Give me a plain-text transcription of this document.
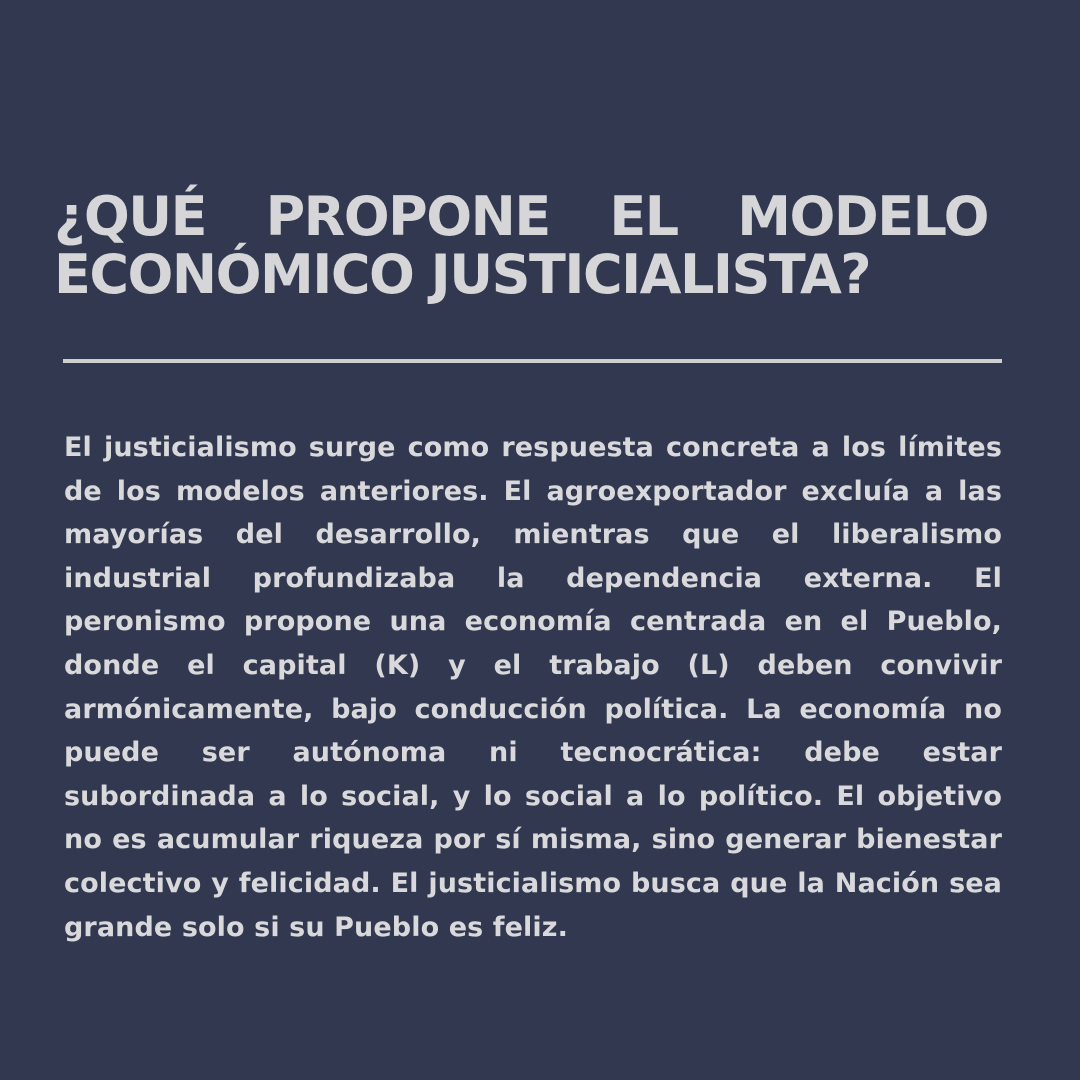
¿QUÉ PROPONE EL MODELO ECONÓMICO JUSTICIALISTA?

El justicialismo surge como respuesta concreta a los límites de los modelos anteriores. El agroexportador excluía a las mayorías del desarrollo, mientras que el liberalismo industrial profundizaba la dependencia externa. El peronismo propone una economía centrada en el Pueblo, donde el capital (K) y el trabajo (L) deben convivir armónicamente, bajo conducción política. La economía no puede ser autónoma ni tecnocrática: debe estar subordinada a lo social, y lo social a lo político. El objetivo no es acumular riqueza por sí misma, sino generar bienestar colectivo y felicidad. El justicialismo busca que la Nación sea grande solo si su Pueblo es feliz.
